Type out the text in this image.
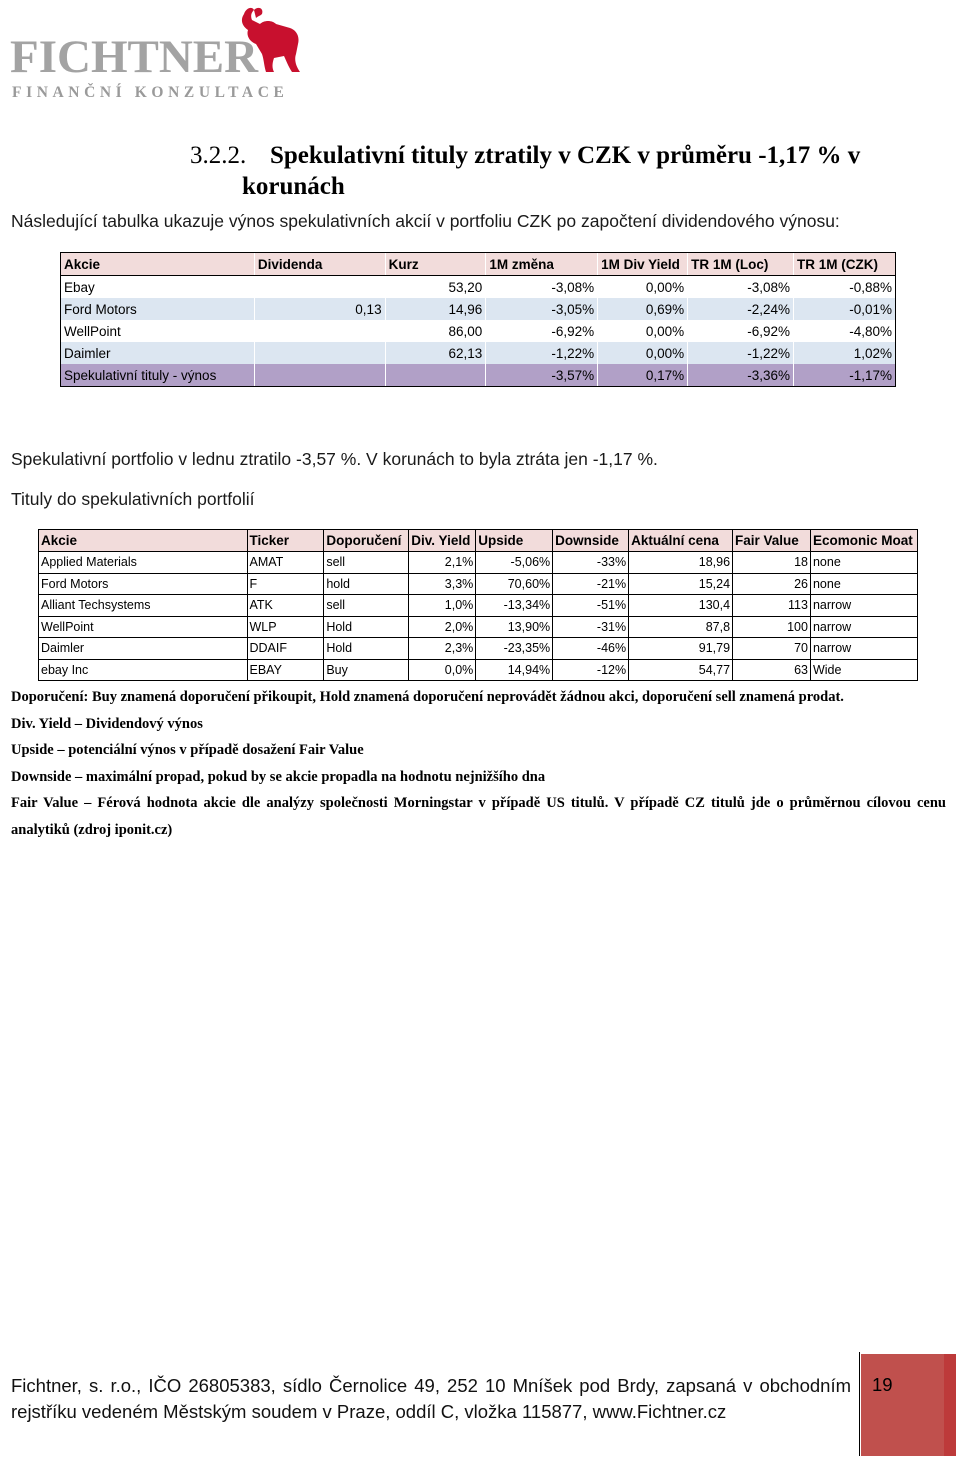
FICHTNER
FINANČNÍ KONZULTACE
3.2.2. Spekulativní tituly ztratily v CZK v průměru -1,17 % v
korunách
Následující tabulka ukazuje výnos spekulativních akcií v portfoliu CZK po započtení dividendového výnosu:
Akcie	Dividenda	Kurz	1M změna	1M Div Yield	TR 1M (Loc)	TR 1M (CZK)
Ebay		53,20	-3,08%	0,00%	-3,08%	-0,88%
Ford Motors	0,13	14,96	-3,05%	0,69%	-2,24%	-0,01%
WellPoint		86,00	-6,92%	0,00%	-6,92%	-4,80%
Daimler		62,13	-1,22%	0,00%	-1,22%	1,02%
Spekulativní tituly - výnos			-3,57%	0,17%	-3,36%	-1,17%
Spekulativní portfolio v lednu ztratilo -3,57 %. V korunách to byla ztráta jen -1,17 %.
Tituly do spekulativních portfolií
Akcie	Ticker	Doporučení	Div. Yield	Upside	Downside	Aktuální cena	Fair Value	Ecomonic Moat
Applied Materials	AMAT	sell	2,1%	-5,06%	-33%	18,96	18	none
Ford Motors	F	hold	3,3%	70,60%	-21%	15,24	26	none
Alliant Techsystems	ATK	sell	1,0%	-13,34%	-51%	130,4	113	narrow
WellPoint	WLP	Hold	2,0%	13,90%	-31%	87,8	100	narrow
Daimler	DDAIF	Hold	2,3%	-23,35%	-46%	91,79	70	narrow
ebay Inc	EBAY	Buy	0,0%	14,94%	-12%	54,77	63	Wide

Doporučení: Buy znamená doporučení přikoupit, Hold znamená doporučení neprovádět žádnou akci, doporučení sell znamená prodat.

Div. Yield – Dividendový výnos

Upside – potenciální výnos v případě dosažení Fair Value

Downside – maximální propad, pokud by se akcie propadla na hodnotu nejnižšího dna

Fair Value – Férová hodnota akcie dle analýzy společnosti Morningstar v případě US titulů. V případě CZ titulů jde o průměrnou cílovou cenu analytiků (zdroj iponit.cz)

Fichtner, s. r.o., IČO 26805383, sídlo Černolice 49, 252 10 Mníšek pod Brdy, zapsaná v obchodním rejstříku vedeném Městským soudem v Praze, oddíl C, vložka 115877, www.Fichtner.cz
19
